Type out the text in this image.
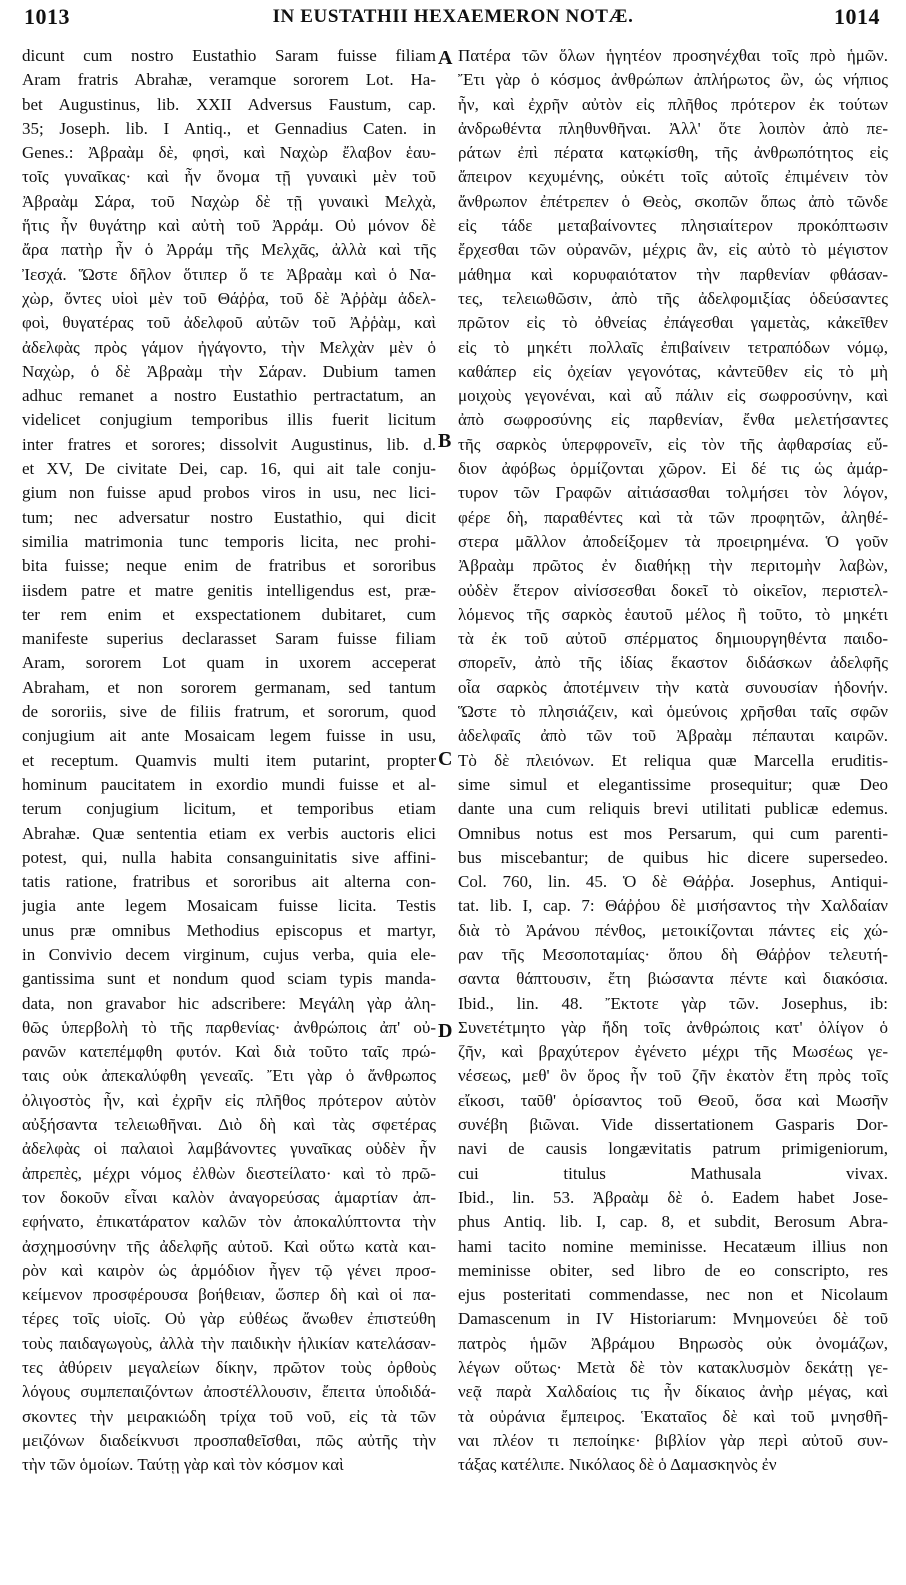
1013	IN EUSTATHII HEXAEMERON NOTÆ.	1014
A
B
C
D
dicunt cum nostro Eustathio Saram fuisse filiam
Aram fratris Abrahæ, veramque sororem Lot. Ha-
bet Augustinus, lib. XXII Adversus Faustum, cap.
35; Joseph. lib. I Antiq., et Gennadius Caten. in
Genes.: Ἀβραὰμ δὲ, φησὶ, καὶ Ναχὼρ ἔλαβον ἑαυ-
τοῖς γυναῖκας· καὶ ἦν ὄνομα τῇ γυναικὶ μὲν τοῦ
Ἀβραὰμ Σάρα, τοῦ Ναχὼρ δὲ τῇ γυναικὶ Μελχὰ,
ἥτις ἦν θυγάτηρ καὶ αὐτὴ τοῦ Ἀρράμ. Οὐ μόνον δὲ
ἄρα πατὴρ ἦν ὁ Ἀρράμ τῆς Μελχᾶς, ἀλλὰ καὶ τῆς
Ἰεσχά. Ὥστε δῆλον ὅτιπερ ὅ τε Ἀβραὰμ καὶ ὁ Να-
χὼρ, ὄντες υἱοὶ μὲν τοῦ Θάῤῥα, τοῦ δὲ Ἀῤῥὰμ ἀδελ-
φοὶ, θυγατέρας τοῦ ἀδελφοῦ αὐτῶν τοῦ Ἀῤῥὰμ, καὶ
ἀδελφὰς πρὸς γάμον ἠγάγοντο, τὴν Μελχὰν μὲν ὁ
Ναχὼρ, ὁ δὲ Ἀβραὰμ τὴν Σάραν. Dubium tamen
adhuc remanet a nostro Eustathio pertractatum, an
videlicet conjugium temporibus illis fuerit licitum
inter fratres et sorores; dissolvit Augustinus, lib. d.
et XV, De civitate Dei, cap. 16, qui ait tale conju-
gium non fuisse apud probos viros in usu, nec lici-
tum; nec adversatur nostro Eustathio, qui dicit
similia matrimonia tunc temporis licita, nec prohi-
bita fuisse; neque enim de fratribus et sororibus
iisdem patre et matre genitis intelligendus est, præ-
ter rem enim et exspectationem dubitaret, cum
manifeste superius declarasset Saram fuisse filiam
Aram, sororem Lot quam in uxorem acceperat
Abraham, et non sororem germanam, sed tantum
de sororiis, sive de filiis fratrum, et sororum, quod
conjugium ait ante Mosaicam legem fuisse in usu,
et receptum. Quamvis multi item putarint, propter
hominum paucitatem in exordio mundi fuisse et al-
terum conjugium licitum, et temporibus etiam
Abrahæ. Quæ sententia etiam ex verbis auctoris elici
potest, qui, nulla habita consanguinitatis sive affini-
tatis ratione, fratribus et sororibus ait alterna con-
jugia ante legem Mosaicam fuisse licita. Testis
unus præ omnibus Methodius episcopus et martyr,
in Convivio decem virginum, cujus verba, quia ele-
gantissima sunt et nondum quod sciam typis manda-
data, non gravabor hic adscribere: Μεγάλη γὰρ ἀλη-
θῶς ὑπερβολὴ τὸ τῆς παρθενίας· ἀνθρώποις ἀπ' οὐ-
ρανῶν κατεπέμφθη φυτόν. Καὶ διὰ τοῦτο ταῖς πρώ-
ταις οὐκ ἀπεκαλύφθη γενεαῖς. Ἔτι γὰρ ὁ ἄνθρωπος
ὀλιγοστὸς ἦν, καὶ ἐχρῆν εἰς πλῆθος πρότερον αὐτὸν
αὐξήσαντα τελειωθῆναι. Διὸ δὴ καὶ τὰς σφετέρας
ἀδελφὰς οἱ παλαιοὶ λαμβάνοντες γυναῖκας οὐδὲν ἦν
ἀπρεπὲς, μέχρι νόμος ἐλθὼν διεστείλατο· καὶ τὸ πρῶ-
τον δοκοῦν εἶναι καλὸν ἀναγορεύσας ἁμαρτίαν ἀπ-
εφήνατο, ἐπικατάρατον καλῶν τὸν ἀποκαλύπτοντα τὴν
ἀσχημοσύνην τῆς ἀδελφῆς αὐτοῦ. Καὶ οὕτω κατὰ και-
ρὸν καὶ καιρὸν ὡς ἁρμόδιον ἦγεν τῷ γένει προσ-
κείμενον προσφέρουσα βοήθειαν, ὥσπερ δὴ καὶ οἱ πα-
τέρες τοῖς υἱοῖς. Οὐ γὰρ εὐθέως ἄνωθεν ἐπιστεύθη
τοὺς παιδαγωγοὺς, ἀλλὰ τὴν παιδικὴν ἡλικίαν κατελάσαν-
τες ἀθύρειν μεγαλείων δίκην, πρῶτον τοὺς ὀρθοὺς
λόγους συμπεπαιζόντων ἀποστέλλουσιν, ἔπειτα ὑποδιδά-
σκοντες τὴν μειρακιώδη τρίχα τοῦ νοῦ, εἰς τὰ τῶν
μειζόνων διαδείκνυσι προσπαθεῖσθαι, πῶς αὐτῆς τὴν
τὴν τῶν ὁμοίων. Ταύτῃ γὰρ καὶ τὸν κόσμον καὶ
Πατέρα τῶν ὅλων ἡγητέον προσηνέχθαι τοῖς πρὸ ἡμῶν.
Ἔτι γὰρ ὁ κόσμος ἀνθρώπων ἀπλήρωτος ὢν, ὡς νήπιος
ἦν, καὶ ἐχρῆν αὐτὸν εἰς πλῆθος πρότερον ἐκ τούτων
ἀνδρωθέντα πληθυνθῆναι. Ἀλλ' ὅτε λοιπὸν ἀπὸ πε-
ράτων ἐπὶ πέρατα κατῳκίσθη, τῆς ἀνθρωπότητος εἰς
ἄπειρον κεχυμένης, οὐκέτι τοῖς αὐτοῖς ἐπιμένειν τὸν
ἄνθρωπον ἐπέτρεπεν ὁ Θεὸς, σκοπῶν ὅπως ἀπὸ τῶνδε
εἰς τάδε μεταβαίνοντες πλησιαίτερον προκόπτωσιν
ἔρχεσθαι τῶν οὐρανῶν, μέχρις ἂν, εἰς αὐτὸ τὸ μέγιστον
μάθημα καὶ κορυφαιότατον τὴν παρθενίαν φθάσαν-
τες, τελειωθῶσιν, ἀπὸ τῆς ἀδελφομιξίας ὁδεύσαντες
πρῶτον εἰς τὸ ὀθνείας ἐπάγεσθαι γαμετὰς, κἀκεῖθεν
εἰς τὸ μηκέτι πολλαῖς ἐπιβαίνειν τετραπόδων νόμῳ,
καθάπερ εἰς ὀχείαν γεγονότας, κἀντεῦθεν εἰς τὸ μὴ
μοιχοὺς γεγονέναι, καὶ αὖ πάλιν εἰς σωφροσύνην, καὶ
ἀπὸ σωφροσύνης εἰς παρθενίαν, ἔνθα μελετήσαντες
τῆς σαρκὸς ὑπερφρονεῖν, εἰς τὸν τῆς ἀφθαρσίας εὔ-
διον ἀφόβως ὁρμίζονται χῶρον. Εἰ δέ τις ὡς ἀμάρ-
τυρον τῶν Γραφῶν αἰτιάσασθαι τολμήσει τὸν λόγον,
φέρε δὴ, παραθέντες καὶ τὰ τῶν προφητῶν, ἀληθέ-
στερα μᾶλλον ἀποδείξομεν τὰ προειρημένα. Ὁ γοῦν
Ἀβραὰμ πρῶτος ἐν διαθήκῃ τὴν περιτομὴν λαβὼν,
οὐδὲν ἕτερον αἰνίσσεσθαι δοκεῖ τὸ οἰκεῖον, περιστελ-
λόμενος τῆς σαρκὸς ἑαυτοῦ μέλος ἢ τοῦτο, τὸ μηκέτι
τὰ ἐκ τοῦ αὐτοῦ σπέρματος δημιουργηθέντα παιδο-
σπορεῖν, ἀπὸ τῆς ἰδίας ἕκαστον διδάσκων ἀδελφῆς
οἷα σαρκὸς ἀποτέμνειν τὴν κατὰ συνουσίαν ἡδονήν.
Ὥστε τὸ πλησιάζειν, καὶ ὁμεύνοις χρῆσθαι ταῖς σφῶν
ἀδελφαῖς ἀπὸ τῶν τοῦ Ἀβραὰμ πέπαυται καιρῶν.
Τὸ δὲ πλειόνων. Et reliqua quæ Marcella eruditis-
sime simul et elegantissime prosequitur; quæ Deo
dante una cum reliquis brevi utilitati publicæ edemus.
Omnibus notus est mos Persarum, qui cum parenti-
bus miscebantur; de quibus hic dicere supersedeo.
Col. 760, lin. 45. Ὁ δὲ Θάῤῥα. Josephus, Antiqui-
tat. lib. I, cap. 7: Θάῤῥου δὲ μισήσαντος τὴν Χαλδαίαν
διὰ τὸ Ἀράνου πένθος, μετοικίζονται πάντες εἰς χώ-
ραν τῆς Μεσοποταμίας· ὅπου δὴ Θάῤῥον τελευτή-
σαντα θάπτουσιν, ἔτη βιώσαντα πέντε καὶ διακόσια.
Ibid., lin. 48. Ἔκτοτε γὰρ τῶν. Josephus, ib:
Συνετέτμητο γὰρ ἤδη τοῖς ἀνθρώποις κατ' ὀλίγον ὁ
ζῆν, καὶ βραχύτερον ἐγένετο μέχρι τῆς Μωσέως γε-
νέσεως, μεθ' ὃν ὅρος ἦν τοῦ ζῆν ἑκατὸν ἔτη πρὸς τοῖς
εἴκοσι, ταῦθ' ὁρίσαντος τοῦ Θεοῦ, ὅσα καὶ Μωσῆν
συνέβη βιῶναι. Vide dissertationem Gasparis Dor-
navi de causis longævitatis patrum primigeniorum,
cui titulus Mathusala vivax.
Ibid., lin. 53. Ἀβραὰμ δὲ ὁ. Eadem habet Jose-
phus Antiq. lib. I, cap. 8, et subdit, Berosum Abra-
hami tacito nomine meminisse. Hecatæum illius non
meminisse obiter, sed libro de eo conscripto, res
ejus posteritati commendasse, nec non et Nicolaum
Damascenum in IV Historiarum: Μνημονεύει δὲ τοῦ
πατρὸς ἡμῶν Ἀβράμου Βηρωσὸς οὐκ ὀνομάζων,
λέγων οὕτως· Μετὰ δὲ τὸν κατακλυσμὸν δεκάτῃ γε-
νεᾷ παρὰ Χαλδαίοις τις ἦν δίκαιος ἀνὴρ μέγας, καὶ
τὰ οὐράνια ἔμπειρος. Ἑκαταῖος δὲ καὶ τοῦ μνησθῆ-
ναι πλέον τι πεποίηκε· βιβλίον γὰρ περὶ αὐτοῦ συν-
τάξας κατέλιπε. Νικόλαος δὲ ὁ Δαμασκηνὸς ἐν
